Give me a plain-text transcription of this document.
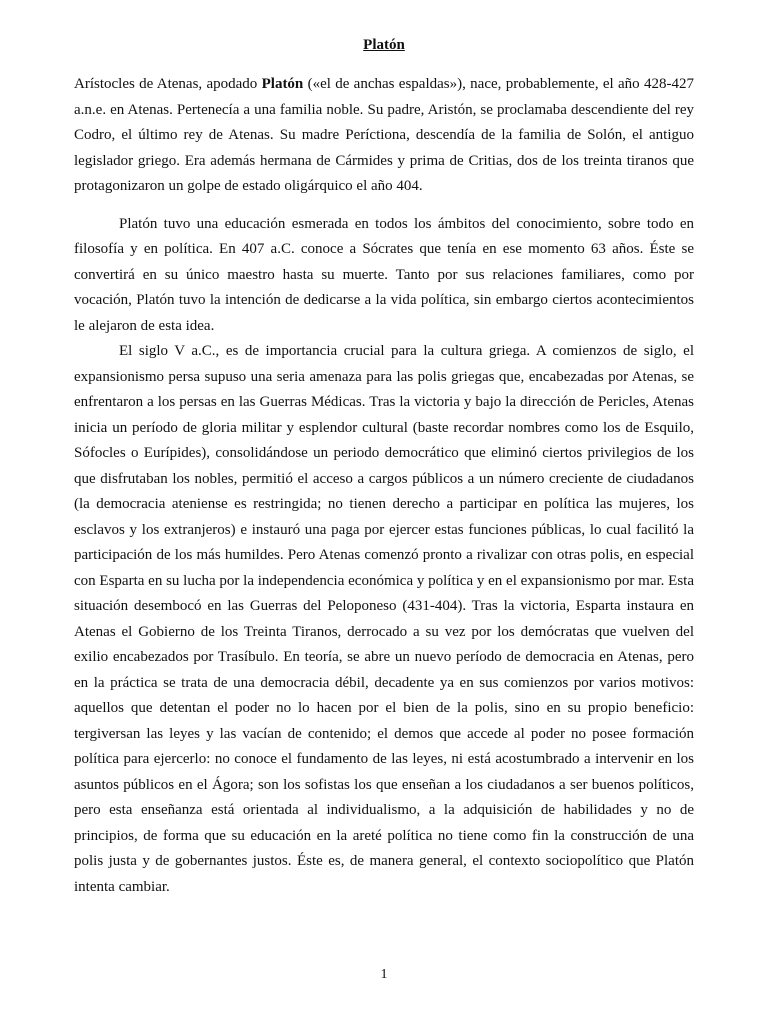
Platón

Arístocles de Atenas, apodado Platón («el de anchas espaldas»), nace, probablemente, el año 428-427 a.n.e. en Atenas. Pertenecía a una familia noble. Su padre, Aristón, se proclamaba descendiente del rey Codro, el último rey de Atenas. Su madre Períctiona, descendía de la familia de Solón, el antiguo legislador griego. Era además hermana de Cármides y prima de Critias, dos de los treinta tiranos que protagonizaron un golpe de estado oligárquico el año 404.

Platón tuvo una educación esmerada en todos los ámbitos del conocimiento, sobre todo en filosofía y en política. En 407 a.C. conoce a Sócrates que tenía en ese momento 63 años. Éste se convertirá en su único maestro hasta su muerte. Tanto por sus relaciones familiares, como por vocación, Platón tuvo la intención de dedicarse a la vida política, sin embargo ciertos acontecimientos le alejaron de esta idea.

El siglo V a.C., es de importancia crucial para la cultura griega. A comienzos de siglo, el expansionismo persa supuso una seria amenaza para las polis griegas que, encabezadas por Atenas, se enfrentaron a los persas en las Guerras Médicas. Tras la victoria y bajo la dirección de Pericles, Atenas inicia un período de gloria militar y esplendor cultural (baste recordar nombres como los de Esquilo, Sófocles o Eurípides), consolidándose un periodo democrático que eliminó ciertos privilegios de los que disfrutaban los nobles, permitió el acceso a cargos públicos a un número creciente de ciudadanos (la democracia ateniense es restringida; no tienen derecho a participar en política las mujeres, los esclavos y los extranjeros) e instauró una paga por ejercer estas funciones públicas, lo cual facilitó la participación de los más humildes. Pero Atenas comenzó pronto a rivalizar con otras polis, en especial con Esparta en su lucha por la independencia económica y política y en el expansionismo por mar. Esta situación desembocó en las Guerras del Peloponeso (431-404). Tras la victoria, Esparta instaura en Atenas el Gobierno de los Treinta Tiranos, derrocado a su vez por los demócratas que vuelven del exilio encabezados por Trasíbulo. En teoría, se abre un nuevo período de democracia en Atenas, pero en la práctica se trata de una democracia débil, decadente ya en sus comienzos por varios motivos: aquellos que detentan el poder no lo hacen por el bien de la polis, sino en su propio beneficio: tergiversan las leyes y las vacían de contenido; el demos que accede al poder no posee formación política para ejercerlo: no conoce el fundamento de las leyes, ni está acostumbrado a intervenir en los asuntos públicos en el Ágora; son los sofistas los que enseñan a los ciudadanos a ser buenos políticos, pero esta enseñanza está orientada al individualismo, a la adquisición de habilidades y no de principios, de forma que su educación en la areté política no tiene como fin la construcción de una polis justa y de gobernantes justos. Éste es, de manera general, el contexto sociopolítico que Platón intenta cambiar.

1
